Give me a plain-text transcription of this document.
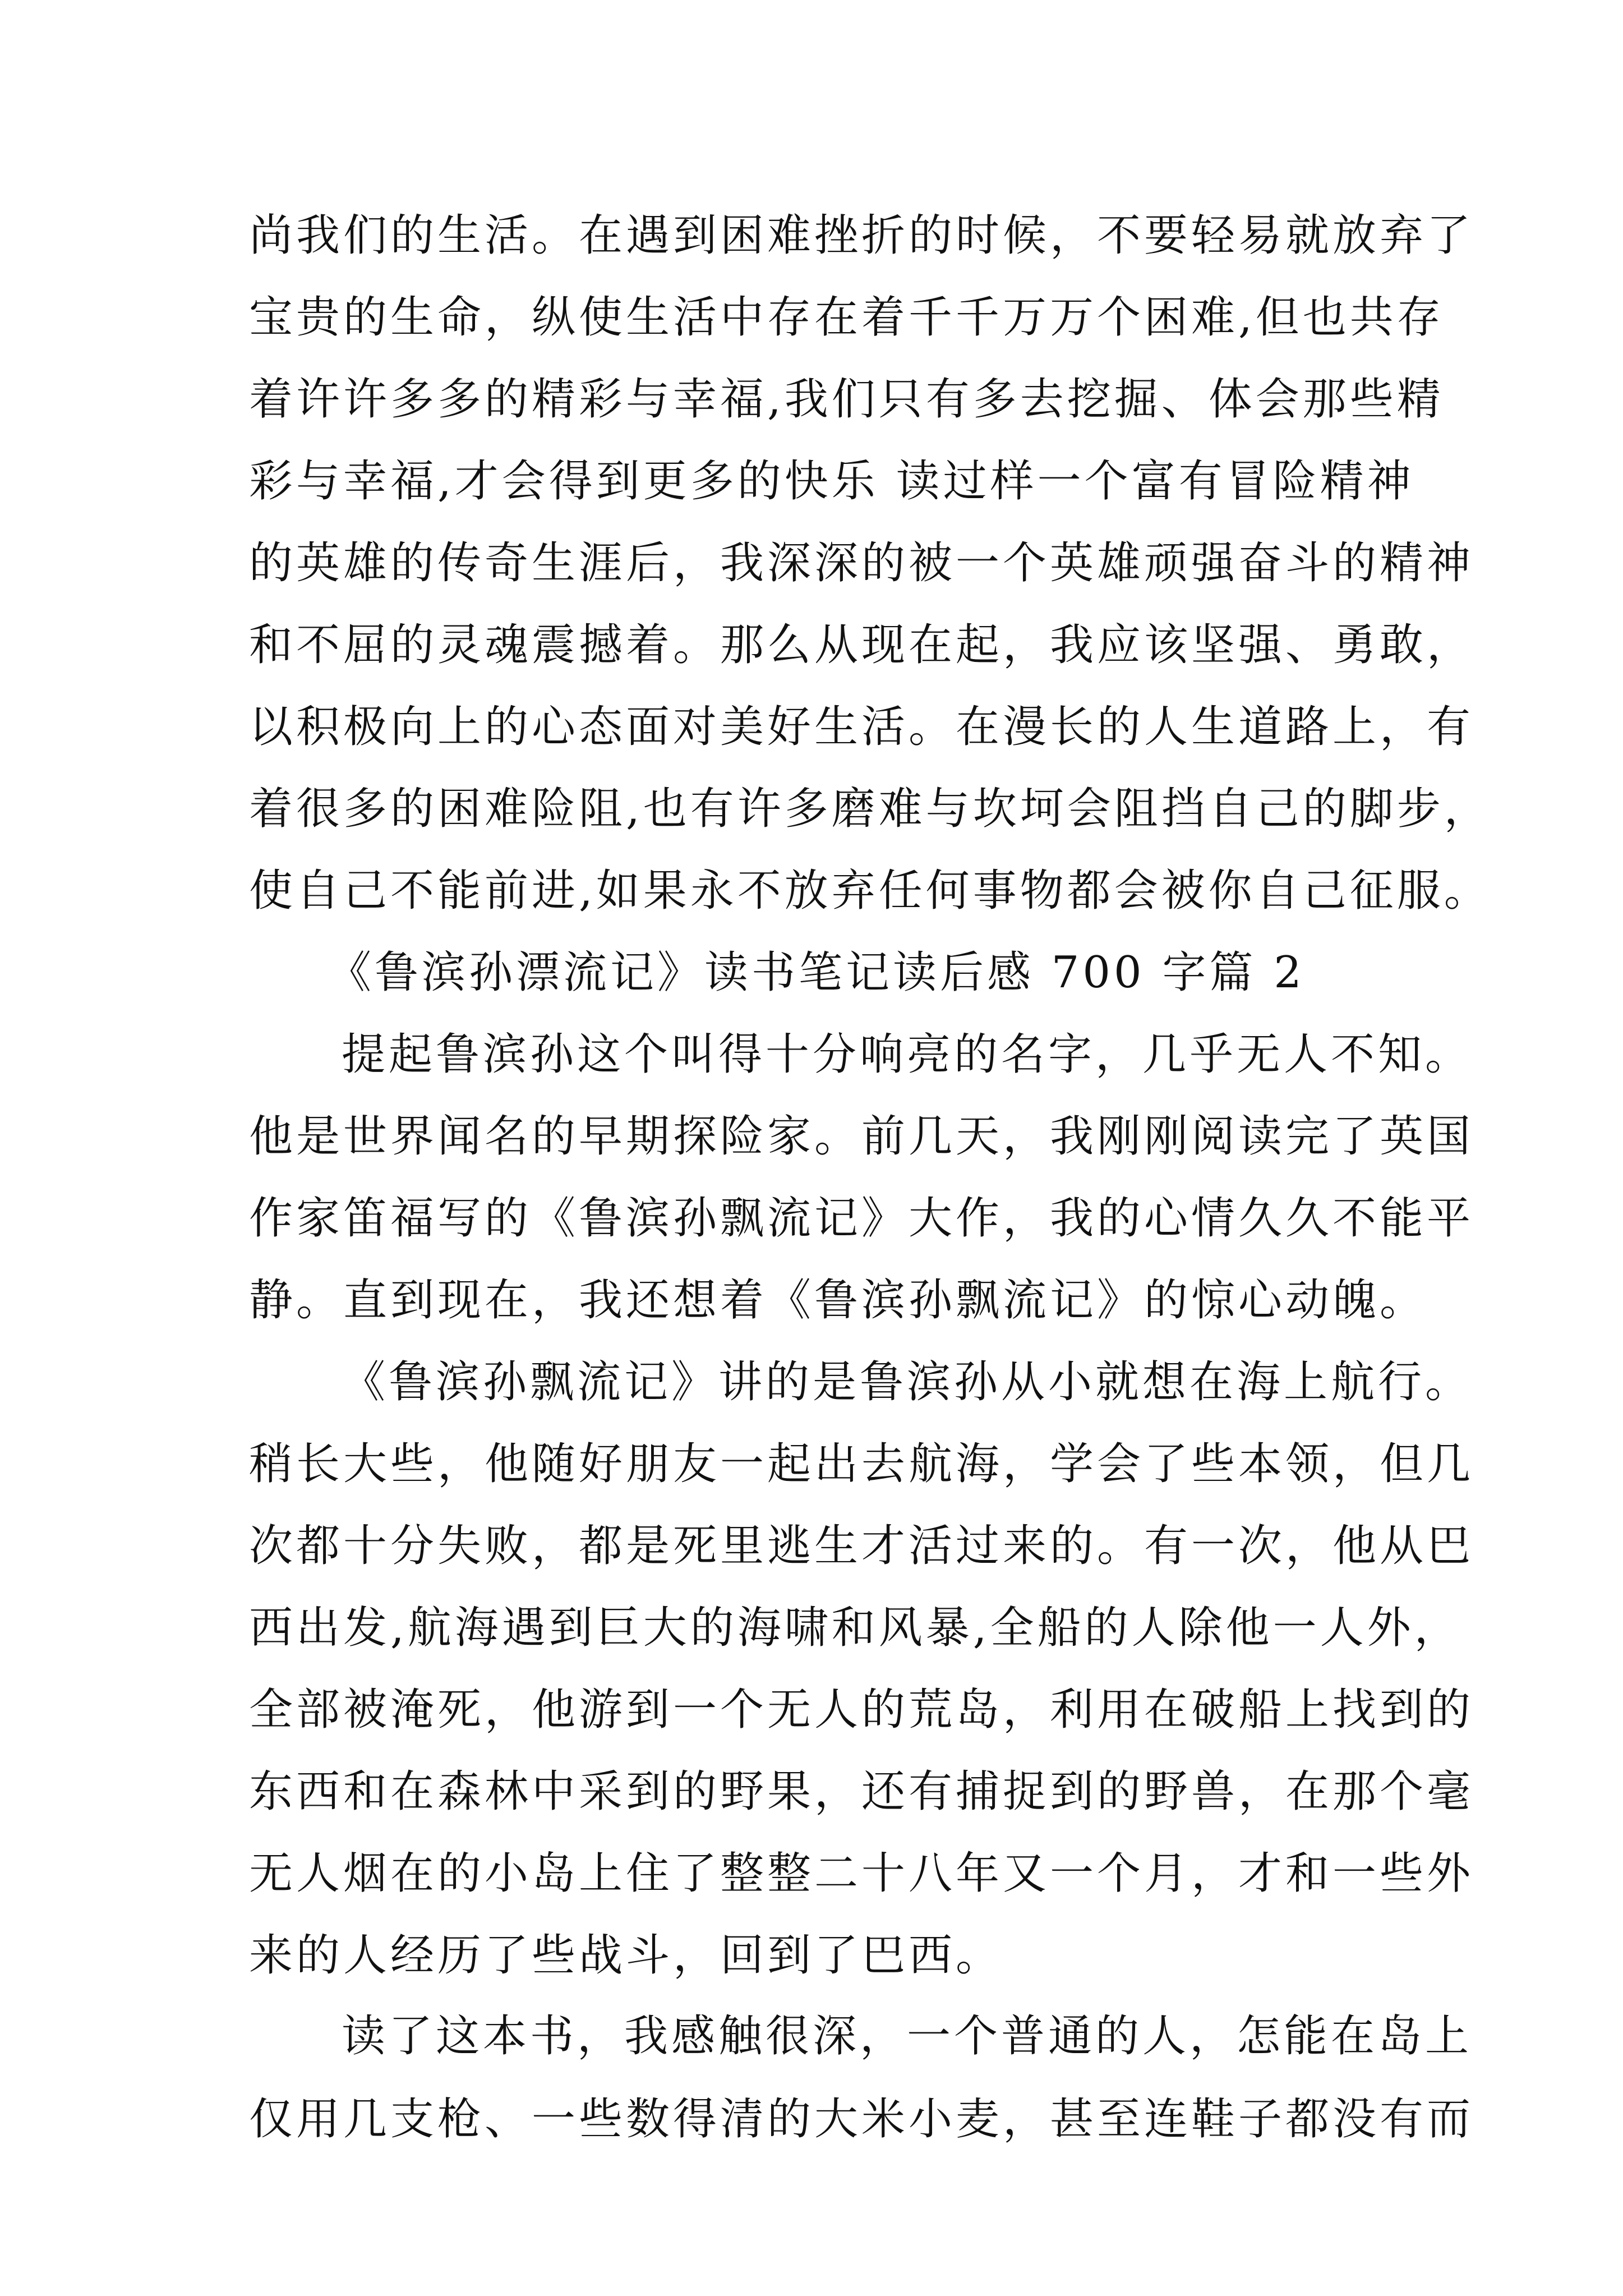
尚我们的生活。在遇到困难挫折的时候，不要轻易就放弃了
宝贵的生命，纵使生活中存在着千千万万个困难,但也共存
着许许多多的精彩与幸福,我们只有多去挖掘、体会那些精
彩与幸福,才会得到更多的快乐 读过样一个富有冒险精神
的英雄的传奇生涯后，我深深的被一个英雄顽强奋斗的精神
和不屈的灵魂震撼着。那么从现在起，我应该坚强、勇敢，
以积极向上的心态面对美好生活。在漫长的人生道路上，有
着很多的困难险阻,也有许多磨难与坎坷会阻挡自己的脚步，
使自己不能前进,如果永不放弃任何事物都会被你自己征服。
《鲁滨孙漂流记》读书笔记读后感 700 字篇 2
提起鲁滨孙这个叫得十分响亮的名字，几乎无人不知。
他是世界闻名的早期探险家。前几天，我刚刚阅读完了英国
作家笛福写的《鲁滨孙飘流记》大作，我的心情久久不能平
静。直到现在，我还想着《鲁滨孙飘流记》的惊心动魄。
《鲁滨孙飘流记》讲的是鲁滨孙从小就想在海上航行。
稍长大些，他随好朋友一起出去航海，学会了些本领，但几
次都十分失败，都是死里逃生才活过来的。有一次，他从巴
西出发,航海遇到巨大的海啸和风暴,全船的人除他一人外，
全部被淹死，他游到一个无人的荒岛，利用在破船上找到的
东西和在森林中采到的野果，还有捕捉到的野兽，在那个毫
无人烟在的小岛上住了整整二十八年又一个月，才和一些外
来的人经历了些战斗，回到了巴西。
读了这本书，我感触很深，一个普通的人，怎能在岛上
仅用几支枪、一些数得清的大米小麦，甚至连鞋子都没有而
